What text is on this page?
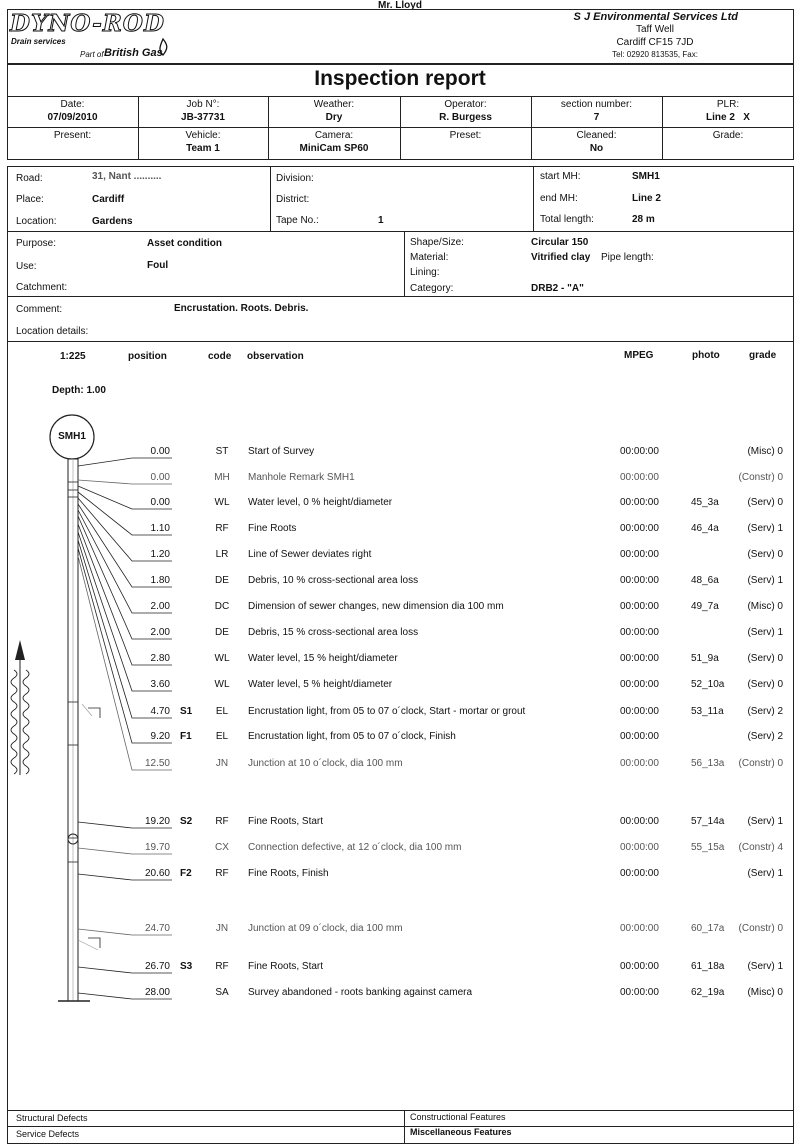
Mr. Lloyd
DYNO-ROD
Drain services
Part of British Gas
S J Environmental Services Ltd
Taff Well
Cardiff CF15 7JD
Tel: 02920 813535, Fax:
Inspection report
Date:
07/09/2010
Job N°:
JB-37731
Weather:
Dry
Operator:
R. Burgess
section number:
7
PLR:
Line 2   X
Present:	Vehicle:
Team 1
Camera:
MiniCam SP60
Preset:	Cleaned:
No
Grade:
Road:	31, Nant ..........
Place:	Cardiff
Location:	Gardens
Division:
District:
Tape No.:	1
start MH:	SMH1
end MH:	Line 2
Total length:	28 m
Purpose:	Asset condition
Use:	Foul
Catchment:
Shape/Size:	Circular 150
Material:	Vitrified clay Pipe length:
Lining:
Category:	DRB2 - "A"
Comment:	Encrustation. Roots. Debris.
Location details:
1:225	position	code observation	MPEG	photo	grade
Depth: 1.00
SMH1
0.00	ST	Start of Survey	00:00:00	(Misc) 0
0.00	MH	Manhole Remark SMH1	00:00:00	(Constr) 0
0.00	WL	Water level, 0 % height/diameter	00:00:00	45_3a	(Serv) 0
1.10	RF	Fine Roots	00:00:00	46_4a	(Serv) 1
1.20	LR	Line of Sewer deviates right	00:00:00	(Serv) 0
1.80	DE	Debris, 10 % cross-sectional area loss	00:00:00	48_6a	(Serv) 1
2.00	DC	Dimension of sewer changes, new dimension dia 100 mm	00:00:00	49_7a	(Misc) 0
2.00	DE	Debris, 15 % cross-sectional area loss	00:00:00	(Serv) 1
2.80	WL	Water level, 15 % height/diameter	00:00:00	51_9a	(Serv) 0
3.60	WL	Water level, 5 % height/diameter	00:00:00	52_10a	(Serv) 0
4.70 S1	EL	Encrustation light, from 05 to 07 o´clock, Start - mortar or grout	00:00:00	53_11a	(Serv) 2
9.20 F1	EL	Encrustation light, from 05 to 07 o´clock, Finish	00:00:00	(Serv) 2
12.50	JN	Junction at 10 o´clock, dia 100 mm	00:00:00	56_13a	(Constr) 0
19.20 S2	RF	Fine Roots, Start	00:00:00	57_14a	(Serv) 1
19.70	CX	Connection defective, at 12 o´clock, dia 100 mm	00:00:00	55_15a	(Constr) 4
20.60 F2	RF	Fine Roots, Finish	00:00:00	(Serv) 1
24.70	JN	Junction at 09 o´clock, dia 100 mm	00:00:00	60_17a	(Constr) 0
26.70 S3	RF	Fine Roots, Start	00:00:00	61_18a	(Serv) 1
28.00	SA	Survey abandoned - roots banking against camera	00:00:00	62_19a	(Misc) 0
Structural Defects
Service Defects
Constructional Features
Miscellaneous Features
